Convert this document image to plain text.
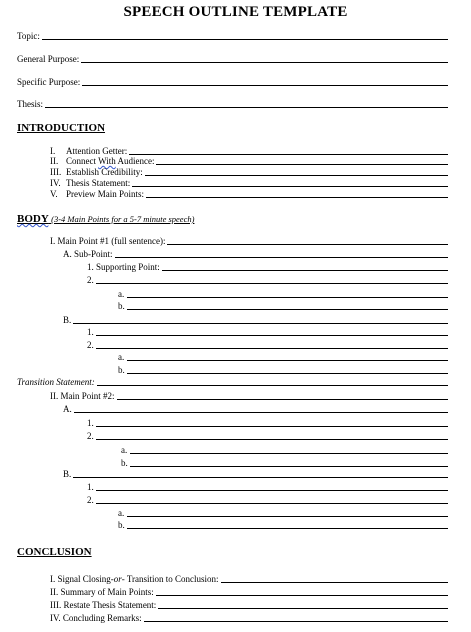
SPEECH OUTLINE TEMPLATE
Topic:
General Purpose:
Specific Purpose:
Thesis:
INTRODUCTION
I.	Attention Getter:
II. Connect With Audience:
III. Establish Credibility:
IV. Thesis Statement:
V. Preview Main Points:
BODY (3-4 Main Points for a 5-7 minute speech)
I. Main Point #1 (full sentence):
A. Sub-Point:
1. Supporting Point:
2.
a.
b.
B.
1.
2.
a.
b.
Transition Statement:
II. Main Point #2:
A.
1.
2.
a.
b.
B.
1.
2.
a.
b.
CONCLUSION
I. Signal Closing-or- Transition to Conclusion:
II. Summary of Main Points:
III. Restate Thesis Statement:
IV. Concluding Remarks:
